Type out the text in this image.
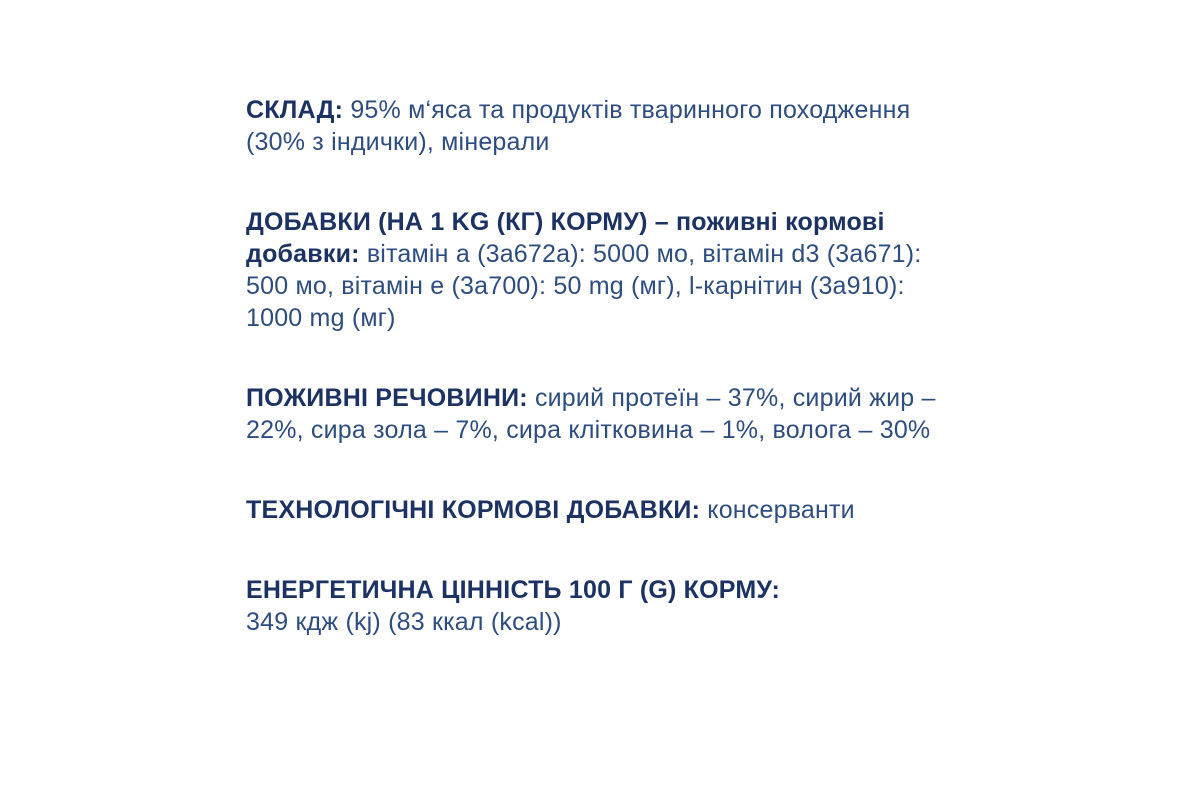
СКЛАД: 95% м‘яса та продуктів тваринного походження (30% з індички), мінерали

ДОБАВКИ (НА 1 KG (КГ) КОРМУ) – поживні кормові добавки: вітамін а (3а672а): 5000 мо, вітамін d3 (3а671): 500 мо, вітамін е (3а700): 50 mg (мг), l-карнітин (3а910): 1000 mg (мг)

ПОЖИВНІ РЕЧОВИНИ: сирий протеїн – 37%, сирий жир – 22%, сира зола – 7%, сира клітковина – 1%, волога – 30%

ТЕХНОЛОГІЧНІ КОРМОВІ ДОБАВКИ: консерванти

ЕНЕРГЕТИЧНА ЦІННІСТЬ 100 Г (G) КОРМУ:
349 кдж (kj) (83 ккал (kcal))
